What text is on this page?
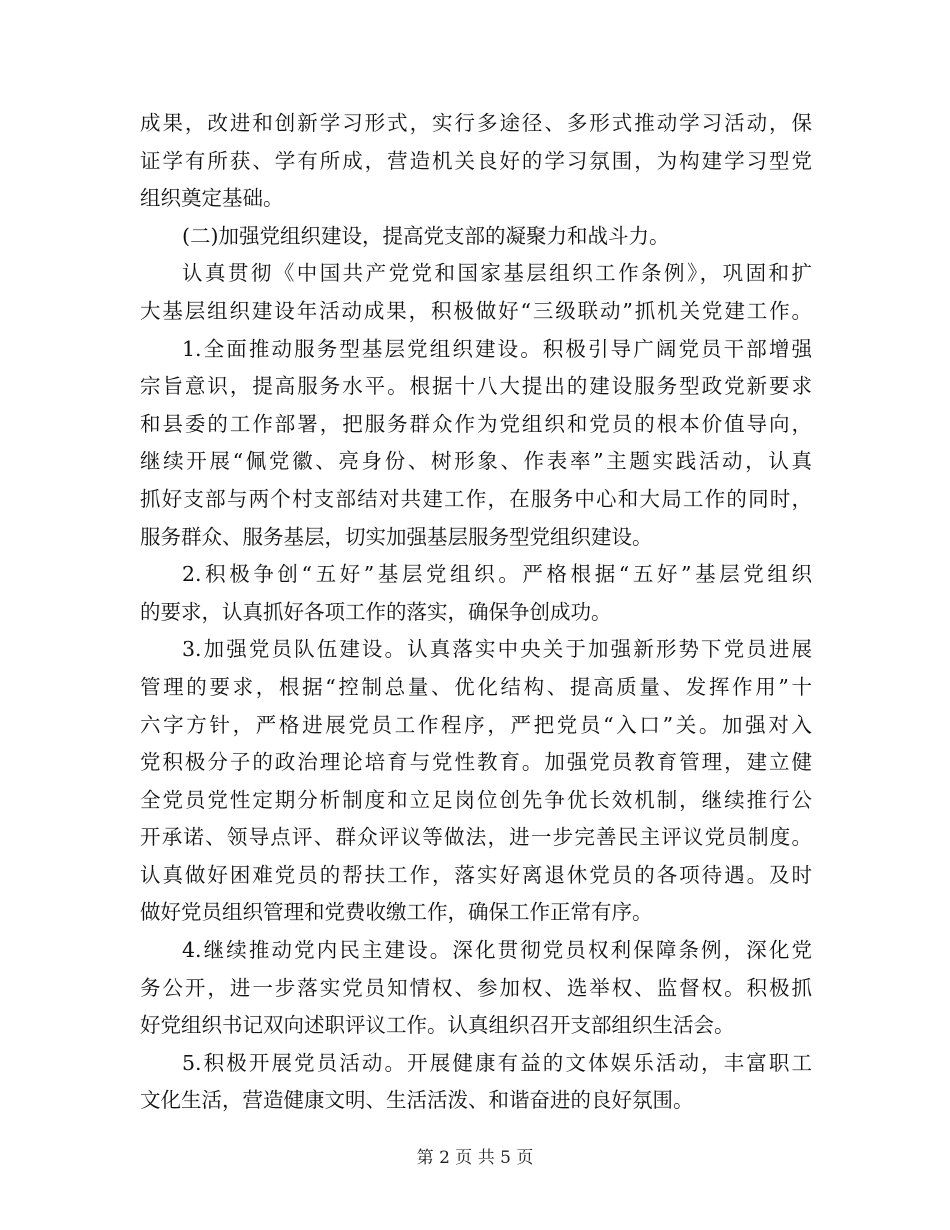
成果，改进和创新学习形式，实行多途径、多形式推动学习活动，保
证学有所获、学有所成，营造机关良好的学习氛围，为构建学习型党
组织奠定基础。
(二)加强党组织建设，提高党支部的凝聚力和战斗力。
认真贯彻《中国共产党党和国家基层组织工作条例》，巩固和扩
大基层组织建设年活动成果，积极做好“三级联动”抓机关党建工作。
1.全面推动服务型基层党组织建设。积极引导广阔党员干部增强
宗旨意识，提高服务水平。根据十八大提出的建设服务型政党新要求
和县委的工作部署，把服务群众作为党组织和党员的根本价值导向，
继续开展“佩党徽、亮身份、树形象、作表率”主题实践活动，认真
抓好支部与两个村支部结对共建工作，在服务中心和大局工作的同时，
服务群众、服务基层，切实加强基层服务型党组织建设。
2.积极争创“五好”基层党组织。严格根据“五好”基层党组织
的要求，认真抓好各项工作的落实，确保争创成功。
3.加强党员队伍建设。认真落实中央关于加强新形势下党员进展
管理的要求，根据“控制总量、优化结构、提高质量、发挥作用”十
六字方针，严格进展党员工作程序，严把党员“入口”关。加强对入
党积极分子的政治理论培育与党性教育。加强党员教育管理，建立健
全党员党性定期分析制度和立足岗位创先争优长效机制，继续推行公
开承诺、领导点评、群众评议等做法，进一步完善民主评议党员制度。
认真做好困难党员的帮扶工作，落实好离退休党员的各项待遇。及时
做好党员组织管理和党费收缴工作，确保工作正常有序。
4.继续推动党内民主建设。深化贯彻党员权利保障条例，深化党
务公开，进一步落实党员知情权、参加权、选举权、监督权。积极抓
好党组织书记双向述职评议工作。认真组织召开支部组织生活会。
5.积极开展党员活动。开展健康有益的文体娱乐活动，丰富职工
文化生活，营造健康文明、生活活泼、和谐奋进的良好氛围。
第 2 页 共 5 页
